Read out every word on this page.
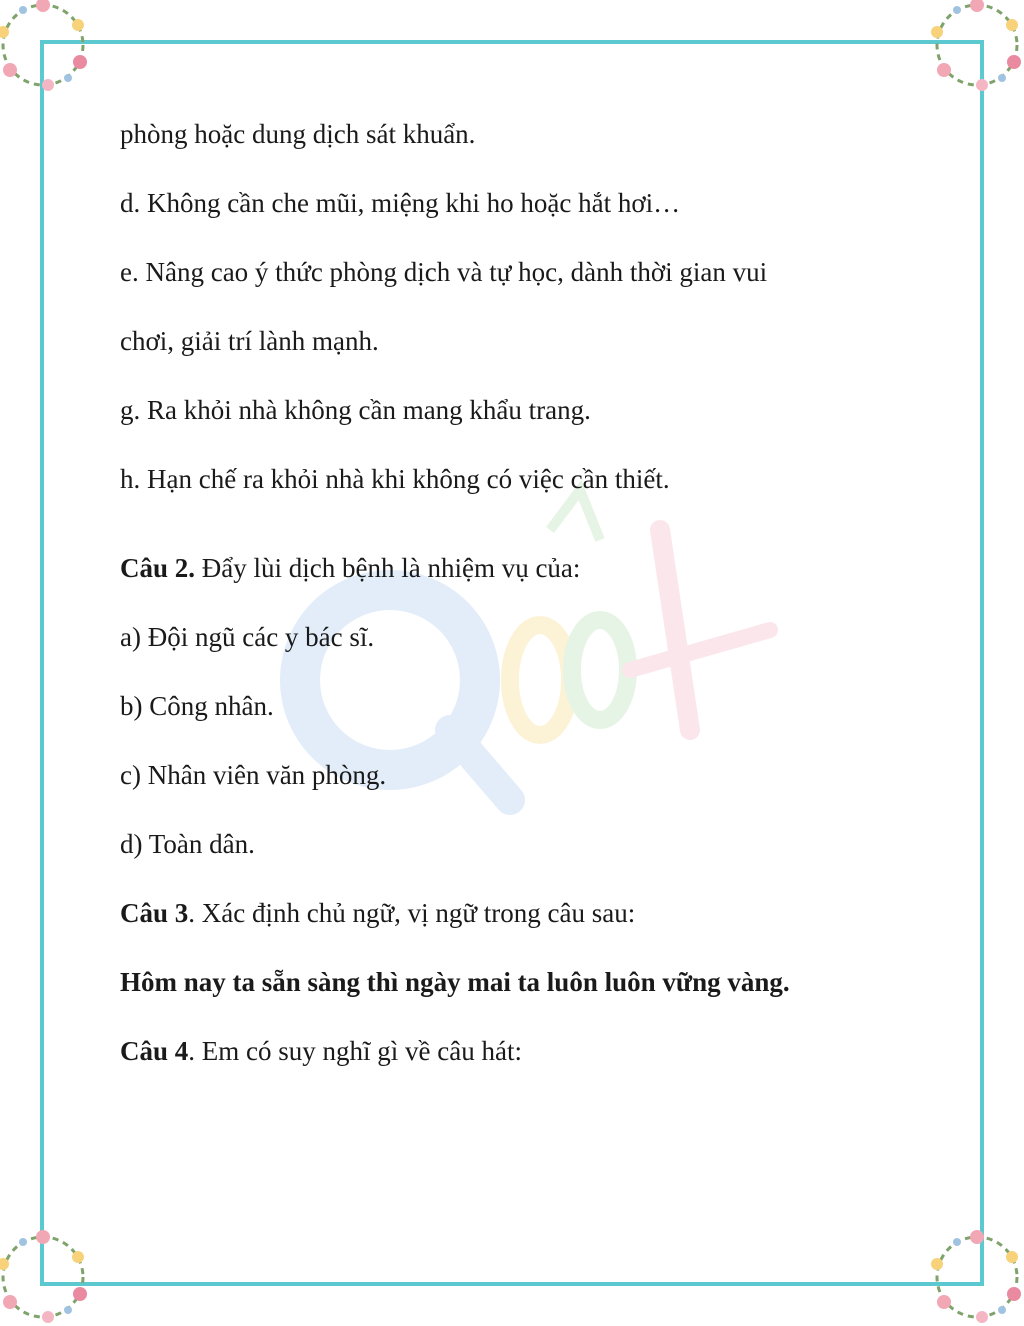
phòng hoặc dung dịch sát khuẩn.
d. Không cần che mũi, miệng khi ho hoặc hắt hơi…
e. Nâng cao ý thức phòng dịch và tự học, dành thời gian vui
chơi, giải trí lành mạnh.
g. Ra khỏi nhà không cần mang khẩu trang.
h. Hạn chế ra khỏi nhà khi không có việc cần thiết.
Câu 2. Đẩy lùi dịch bệnh là nhiệm vụ của:
a) Đội ngũ các y bác sĩ.
b) Công nhân.
c) Nhân viên văn phòng.
d) Toàn dân.
Câu 3. Xác định chủ ngữ, vị ngữ trong câu sau:
Hôm nay ta sẵn sàng thì ngày mai ta luôn luôn vững vàng.
Câu 4. Em có suy nghĩ gì về câu hát:
